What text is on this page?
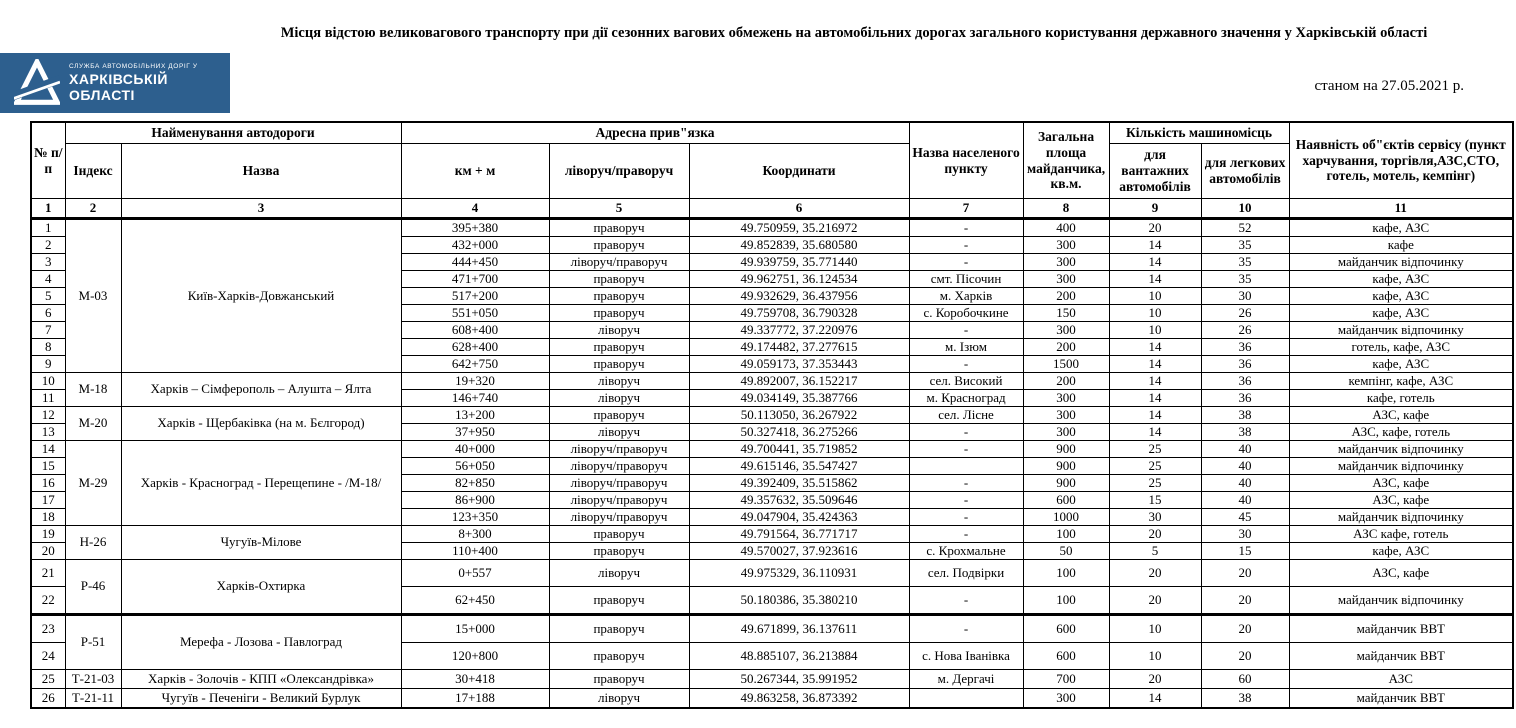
Місця відстою великовагового транспорту при дії сезонних вагових обмежень на автомобільних дорогах загального користування державного значення у Харківській області
СЛУЖБА АВТОМОБІЛЬНИХ ДОРІГ У
ХАРКІВСЬКІЙ
ОБЛАСТІ
станом на 27.05.2021 р.
№ п/п	Найменування автодороги		Адресна прив"язка			Назва населеного пункту	Загальна площа майданчика, кв.м.	Кількість машиномісць		Наявність об"єктів сервісу (пункт харчування, торгівля,АЗС,СТО, готель, мотель, кемпінг)
	Індекс	Назва	км + м	ліворуч/праворуч	Координати			для вантажних автомобілів	для легкових автомобілів	
1	2	3	4	5	6	7	8	9	10	11
1	М-03	Київ-Харків-Довжанський	395+380	праворуч	49.750959, 35.216972	-	400	20	52	кафе, АЗС
2			432+000	праворуч	49.852839, 35.680580	-	300	14	35	кафе
3			444+450	ліворуч/праворуч	49.939759, 35.771440	-	300	14	35	майданчик відпочинку
4			471+700	праворуч	49.962751, 36.124534	смт. Пісочин	300	14	35	кафе, АЗС
5			517+200	праворуч	49.932629, 36.437956	м. Харків	200	10	30	кафе, АЗС
6			551+050	праворуч	49.759708, 36.790328	с. Коробочкине	150	10	26	кафе, АЗС
7			608+400	ліворуч	49.337772, 37.220976	-	300	10	26	майданчик відпочинку
8			628+400	праворуч	49.174482, 37.277615	м. Ізюм	200	14	36	готель, кафе, АЗС
9			642+750	праворуч	49.059173, 37.353443	-	1500	14	36	кафе, АЗС
10	М-18	Харків – Сімферополь – Алушта – Ялта	19+320	ліворуч	49.892007, 36.152217	сел. Високий	200	14	36	кемпінг, кафе, АЗС
11			146+740	ліворуч	49.034149, 35.387766	м. Красноград	300	14	36	кафе, готель
12	М-20	Харків - Щербаківка (на м. Бєлгород)	13+200	праворуч	50.113050, 36.267922	сел. Лісне	300	14	38	АЗС, кафе
13			37+950	ліворуч	50.327418, 36.275266	-	300	14	38	АЗС, кафе, готель
14	М-29	Харків - Красноград - Перещепине - /М-18/	40+000	ліворуч/праворуч	49.700441, 35.719852	-	900	25	40	майданчик відпочинку
15			56+050	ліворуч/праворуч	49.615146, 35.547427		900	25	40	майданчик відпочинку
16			82+850	ліворуч/праворуч	49.392409, 35.515862	-	900	25	40	АЗС, кафе
17			86+900	ліворуч/праворуч	49.357632, 35.509646	-	600	15	40	АЗС, кафе
18			123+350	ліворуч/праворуч	49.047904, 35.424363	-	1000	30	45	майданчик відпочинку
19	Н-26	Чугуїв-Мілове	8+300	праворуч	49.791564, 36.771717	-	100	20	30	АЗС кафе, готель
20			110+400	праворуч	49.570027, 37.923616	с. Крохмальне	50	5	15	кафе, АЗС
21	Р-46	Харків-Охтирка	0+557	ліворуч	49.975329, 36.110931	сел. Подвірки	100	20	20	АЗС, кафе
22			62+450	праворуч	50.180386, 35.380210	-	100	20	20	майданчик відпочинку
23	Р-51	Мерефа - Лозова - Павлоград	15+000	праворуч	49.671899, 36.137611	-	600	10	20	майданчик ВВТ
24			120+800	праворуч	48.885107, 36.213884	с. Нова Іванівка	600	10	20	майданчик ВВТ
25	Т-21-03	Харків - Золочів - КПП «Олександрівка»	30+418	праворуч	50.267344, 35.991952	м. Дергачі	700	20	60	АЗС
26	Т-21-11	Чугуїв - Печеніги - Великий Бурлук	17+188	ліворуч	49.863258, 36.873392		300	14	38	майданчик ВВТ
